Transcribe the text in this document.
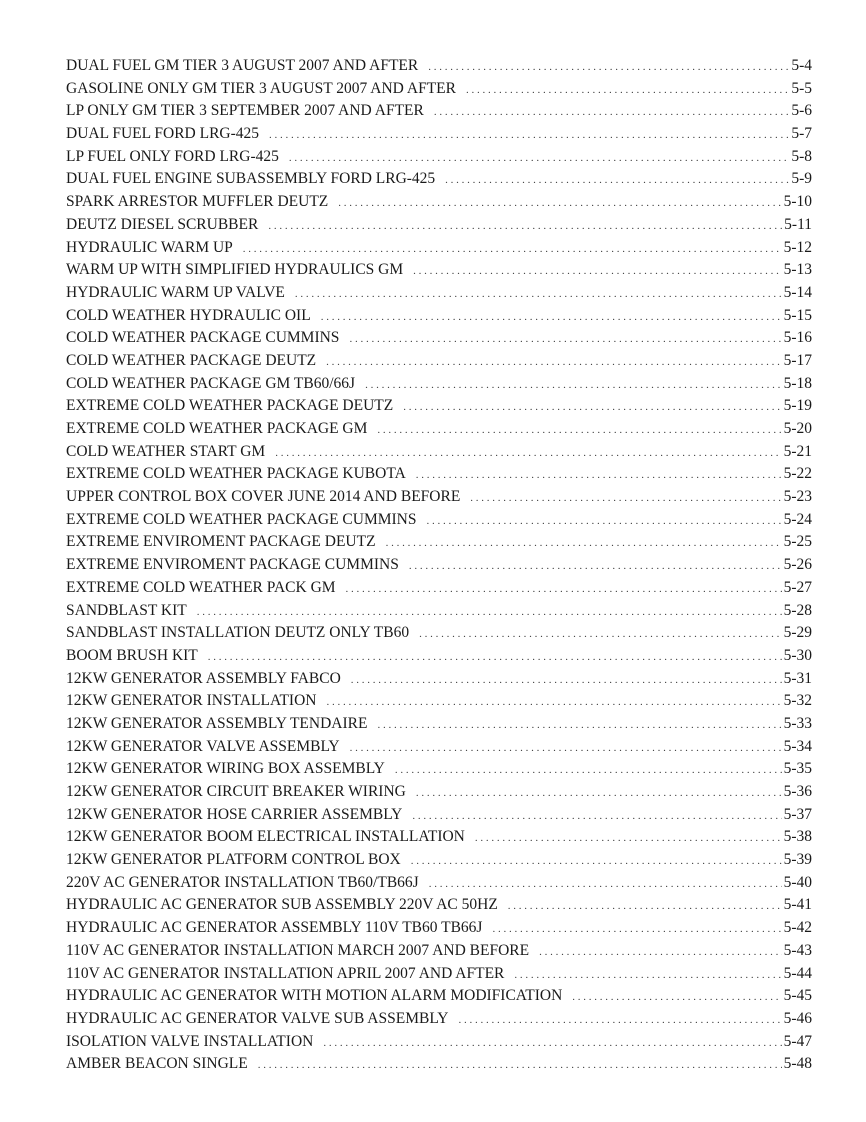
DUAL FUEL GM TIER 3 AUGUST 2007 AND AFTER . . .	5-4
GASOLINE ONLY GM TIER 3 AUGUST 2007 AND AFTER . . .	5-5
LP ONLY GM TIER 3 SEPTEMBER 2007 AND AFTER . . .	5-6
DUAL FUEL FORD LRG-425 . . .	5-7
LP FUEL ONLY FORD LRG-425 . . .	5-8
DUAL FUEL ENGINE SUBASSEMBLY FORD LRG-425 . . .	5-9
SPARK ARRESTOR MUFFLER DEUTZ . . .	5-10
DEUTZ DIESEL SCRUBBER . . .	5-11
HYDRAULIC WARM UP . . .	5-12
WARM UP WITH SIMPLIFIED HYDRAULICS GM . . .	5-13
HYDRAULIC WARM UP VALVE . . .	5-14
COLD WEATHER HYDRAULIC OIL . . .	5-15
COLD WEATHER PACKAGE CUMMINS . . .	5-16
COLD WEATHER PACKAGE DEUTZ . . .	5-17
COLD WEATHER PACKAGE GM TB60/66J . . .	5-18
EXTREME COLD WEATHER PACKAGE DEUTZ . . .	5-19
EXTREME COLD WEATHER PACKAGE GM . . .	5-20
COLD WEATHER START GM . . .	5-21
EXTREME COLD WEATHER PACKAGE KUBOTA . . .	5-22
UPPER CONTROL BOX COVER JUNE 2014 AND BEFORE . . .	5-23
EXTREME COLD WEATHER PACKAGE CUMMINS . . .	5-24
EXTREME ENVIROMENT PACKAGE DEUTZ . . .	5-25
EXTREME ENVIROMENT PACKAGE CUMMINS . . .	5-26
EXTREME COLD WEATHER PACK GM . . .	5-27
SANDBLAST KIT . . .	5-28
SANDBLAST INSTALLATION DEUTZ ONLY TB60 . . .	5-29
BOOM BRUSH KIT . . .	5-30
12KW GENERATOR ASSEMBLY FABCO . . .	5-31
12KW GENERATOR INSTALLATION . . .	5-32
12KW GENERATOR ASSEMBLY TENDAIRE . . .	5-33
12KW GENERATOR VALVE ASSEMBLY . . .	5-34
12KW GENERATOR WIRING BOX ASSEMBLY . . .	5-35
12KW GENERATOR CIRCUIT BREAKER WIRING . . .	5-36
12KW GENERATOR HOSE CARRIER ASSEMBLY . . .	5-37
12KW GENERATOR BOOM ELECTRICAL INSTALLATION . . .	5-38
12KW GENERATOR PLATFORM CONTROL BOX . . .	5-39
220V AC GENERATOR INSTALLATION TB60/TB66J . . .	5-40
HYDRAULIC AC GENERATOR SUB ASSEMBLY 220V AC 50HZ . . .	5-41
HYDRAULIC AC GENERATOR ASSEMBLY 110V TB60 TB66J . . .	5-42
110V AC GENERATOR INSTALLATION MARCH 2007 AND BEFORE . . .	5-43
110V AC GENERATOR INSTALLATION APRIL 2007 AND AFTER . . .	5-44
HYDRAULIC AC GENERATOR WITH MOTION ALARM MODIFICATION . . .	5-45
HYDRAULIC AC GENERATOR VALVE SUB ASSEMBLY . . .	5-46
ISOLATION VALVE INSTALLATION . . .	5-47
AMBER BEACON SINGLE . . .	5-48
